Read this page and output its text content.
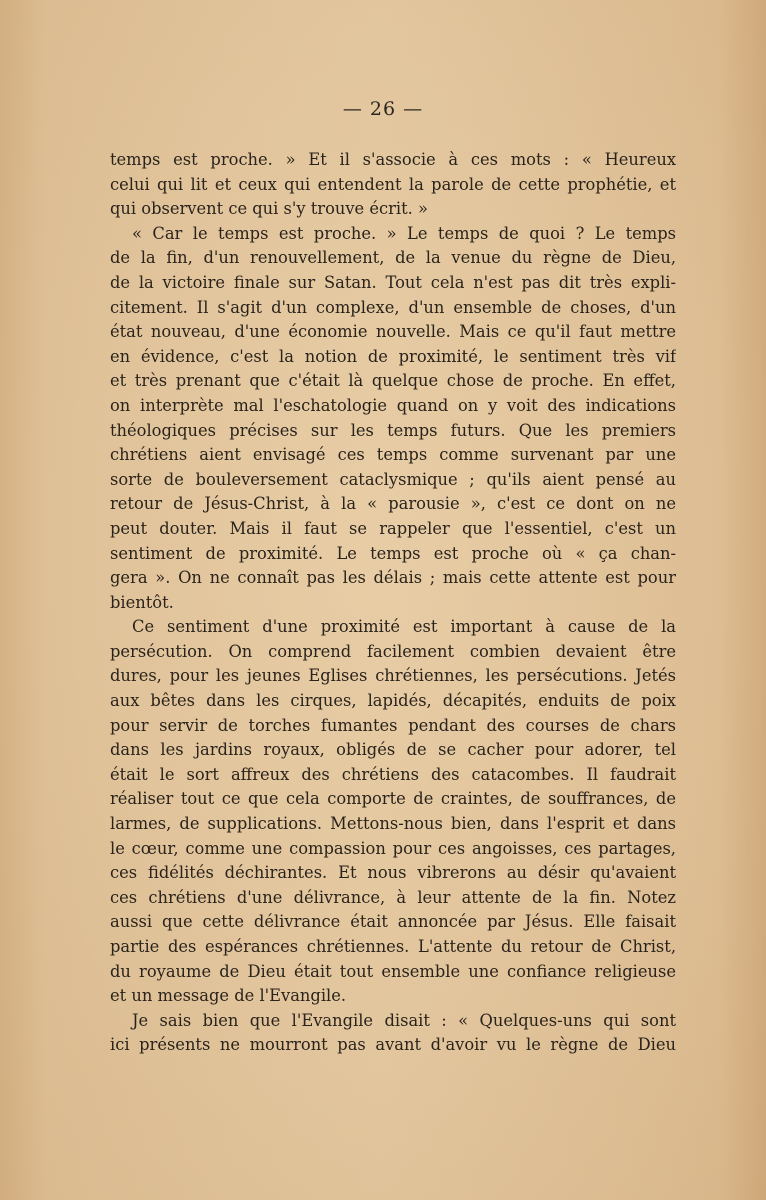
— 26 —
temps est proche. » Et il s'associe à ces mots : « Heureux
celui qui lit et ceux qui entendent la parole de cette prophétie, et
qui observent ce qui s'y trouve écrit. »
« Car le temps est proche. » Le temps de quoi ? Le temps
de la fin, d'un renouvellement, de la venue du règne de Dieu,
de la victoire finale sur Satan. Tout cela n'est pas dit très expli-
citement. Il s'agit d'un complexe, d'un ensemble de choses, d'un
état nouveau, d'une économie nouvelle. Mais ce qu'il faut mettre
en évidence, c'est la notion de proximité, le sentiment très vif
et très prenant que c'était là quelque chose de proche. En effet,
on interprète mal l'eschatologie quand on y voit des indications
théologiques précises sur les temps futurs. Que les premiers
chrétiens aient envisagé ces temps comme survenant par une
sorte de bouleversement cataclysmique ; qu'ils aient pensé au
retour de Jésus-Christ, à la « parousie », c'est ce dont on ne
peut douter. Mais il faut se rappeler que l'essentiel, c'est un
sentiment de proximité. Le temps est proche où « ça chan-
gera ». On ne connaît pas les délais ; mais cette attente est pour
bientôt.
Ce sentiment d'une proximité est important à cause de la
persécution. On comprend facilement combien devaient être
dures, pour les jeunes Eglises chrétiennes, les persécutions. Jetés
aux bêtes dans les cirques, lapidés, décapités, enduits de poix
pour servir de torches fumantes pendant des courses de chars
dans les jardins royaux, obligés de se cacher pour adorer, tel
était le sort affreux des chrétiens des catacombes. Il faudrait
réaliser tout ce que cela comporte de craintes, de souffrances, de
larmes, de supplications. Mettons-nous bien, dans l'esprit et dans
le cœur, comme une compassion pour ces angoisses, ces partages,
ces fidélités déchirantes. Et nous vibrerons au désir qu'avaient
ces chrétiens d'une délivrance, à leur attente de la fin. Notez
aussi que cette délivrance était annoncée par Jésus. Elle faisait
partie des espérances chrétiennes. L'attente du retour de Christ,
du royaume de Dieu était tout ensemble une confiance religieuse
et un message de l'Evangile.
Je sais bien que l'Evangile disait : « Quelques-uns qui sont
ici présents ne mourront pas avant d'avoir vu le règne de Dieu
